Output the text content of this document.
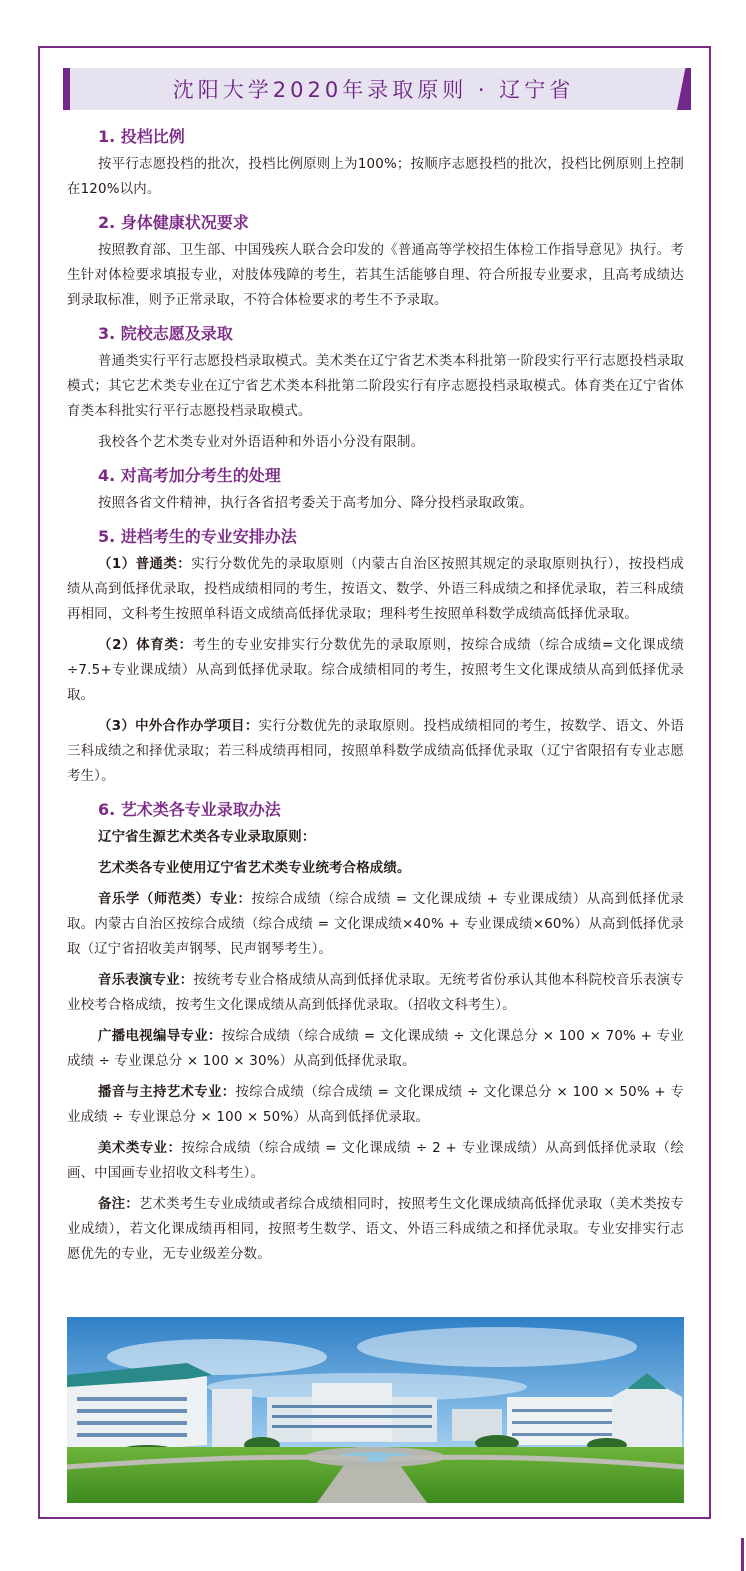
沈阳大学2020年录取原则 · 辽宁省
1. 投档比例

按平行志愿投档的批次，投档比例原则上为100%；按顺序志愿投档的批次，投档比例原则上控制在120%以内。

2. 身体健康状况要求

按照教育部、卫生部、中国残疾人联合会印发的《普通高等学校招生体检工作指导意见》执行。考生针对体检要求填报专业，对肢体残障的考生，若其生活能够自理、符合所报专业要求，且高考成绩达到录取标准，则予正常录取，不符合体检要求的考生不予录取。

3. 院校志愿及录取

普通类实行平行志愿投档录取模式。美术类在辽宁省艺术类本科批第一阶段实行平行志愿投档录取模式；其它艺术类专业在辽宁省艺术类本科批第二阶段实行有序志愿投档录取模式。体育类在辽宁省体育类本科批实行平行志愿投档录取模式。

我校各个艺术类专业对外语语种和外语小分没有限制。

4. 对高考加分考生的处理

按照各省文件精神，执行各省招考委关于高考加分、降分投档录取政策。

5. 进档考生的专业安排办法

（1）普通类：实行分数优先的录取原则（内蒙古自治区按照其规定的录取原则执行），按投档成绩从高到低择优录取，投档成绩相同的考生，按语文、数学、外语三科成绩之和择优录取，若三科成绩再相同，文科考生按照单科语文成绩高低择优录取；理科考生按照单科数学成绩高低择优录取。

（2）体育类：考生的专业安排实行分数优先的录取原则，按综合成绩（综合成绩=文化课成绩÷7.5+专业课成绩）从高到低择优录取。综合成绩相同的考生，按照考生文化课成绩从高到低择优录取。

（3）中外合作办学项目：实行分数优先的录取原则。投档成绩相同的考生，按数学、语文、外语三科成绩之和择优录取；若三科成绩再相同，按照单科数学成绩高低择优录取（辽宁省限招有专业志愿考生）。

6. 艺术类各专业录取办法

辽宁省生源艺术类各专业录取原则：

艺术类各专业使用辽宁省艺术类专业统考合格成绩。

音乐学（师范类）专业：按综合成绩（综合成绩 = 文化课成绩 + 专业课成绩）从高到低择优录取。内蒙古自治区按综合成绩（综合成绩 = 文化课成绩×40% + 专业课成绩×60%）从高到低择优录取（辽宁省招收美声钢琴、民声钢琴考生）。

音乐表演专业：按统考专业合格成绩从高到低择优录取。无统考省份承认其他本科院校音乐表演专业校考合格成绩，按考生文化课成绩从高到低择优录取。（招收文科考生）。

广播电视编导专业：按综合成绩（综合成绩 = 文化课成绩 ÷ 文化课总分 × 100 × 70% + 专业成绩 ÷ 专业课总分 × 100 × 30%）从高到低择优录取。

播音与主持艺术专业：按综合成绩（综合成绩 = 文化课成绩 ÷ 文化课总分 × 100 × 50% + 专业成绩 ÷ 专业课总分 × 100 × 50%）从高到低择优录取。

美术类专业：按综合成绩（综合成绩 = 文化课成绩 ÷ 2 + 专业课成绩）从高到低择优录取（绘画、中国画专业招收文科考生）。

备注：艺术类考生专业成绩或者综合成绩相同时，按照考生文化课成绩高低择优录取（美术类按专业成绩），若文化课成绩再相同，按照考生数学、语文、外语三科成绩之和择优录取。专业安排实行志愿优先的专业，无专业级差分数。
